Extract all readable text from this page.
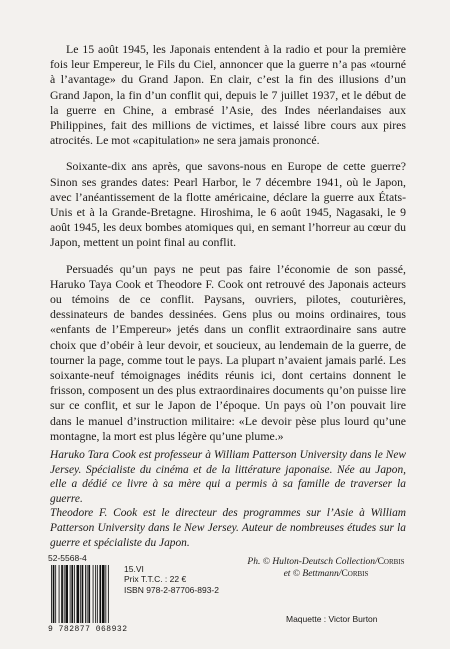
Le 15 août 1945, les Japonais entendent à la radio et pour la première fois leur Empereur, le Fils du Ciel, annoncer que la guerre n’a pas «tourné à l’avantage» du Grand Japon. En clair, c’est la fin des illusions d’un Grand Japon, la fin d’un conflit qui, depuis le 7 juillet 1937, et le début de la guerre en Chine, a embrasé l’Asie, des Indes néerlandaises aux Philippines, fait des millions de victimes, et laissé libre cours aux pires atrocités. Le mot «capitulation» ne sera jamais prononcé.

Soixante-dix ans après, que savons-nous en Europe de cette guerre? Sinon ses grandes dates: Pearl Harbor, le 7 décembre 1941, où le Japon, avec l’anéantissement de la flotte américaine, déclare la guerre aux États-Unis et à la Grande-Bretagne. Hiroshima, le 6 août 1945, Nagasaki, le 9 août 1945, les deux bombes atomiques qui, en semant l’horreur au cœur du Japon, mettent un point final au conflit.

Persuadés qu’un pays ne peut pas faire l’économie de son passé, Haruko Taya Cook et Theodore F. Cook ont retrouvé des Japonais acteurs ou témoins de ce conflit. Paysans, ouvriers, pilotes, couturières, dessinateurs de bandes dessinées. Gens plus ou moins ordinaires, tous «enfants de l’Empereur» jetés dans un conflit extraordinaire sans autre choix que d’obéir à leur devoir, et soucieux, au lendemain de la guerre, de tourner la page, comme tout le pays. La plupart n’avaient jamais parlé. Les soixante-neuf témoignages inédits réunis ici, dont certains donnent le frisson, composent un des plus extraordinaires documents qu’on puisse lire sur ce conflit, et sur le Japon de l’époque. Un pays où l’on pouvait lire dans le manuel d’instruction militaire: «Le devoir pèse plus lourd qu’une montagne, la mort est plus légère qu’une plume.»

Haruko Tara Cook est professeur à William Patterson University dans le New Jersey. Spécialiste du cinéma et de la littérature japonaise. Née au Japon, elle a dédié ce livre à sa mère qui a permis à sa famille de traverser la guerre.

Theodore F. Cook est le directeur des programmes sur l’Asie à William Patterson University dans le New Jersey. Auteur de nombreuses études sur la guerre et spécialiste du Japon.

52-5568-4
9 782877 068932
15.VI
Prix T.T.C. : 22 €
ISBN 978-2-87706-893-2
Ph. © Hulton-Deutsch Collection/Corbis
et © Bettmann/Corbis
Maquette : Victor Burton
